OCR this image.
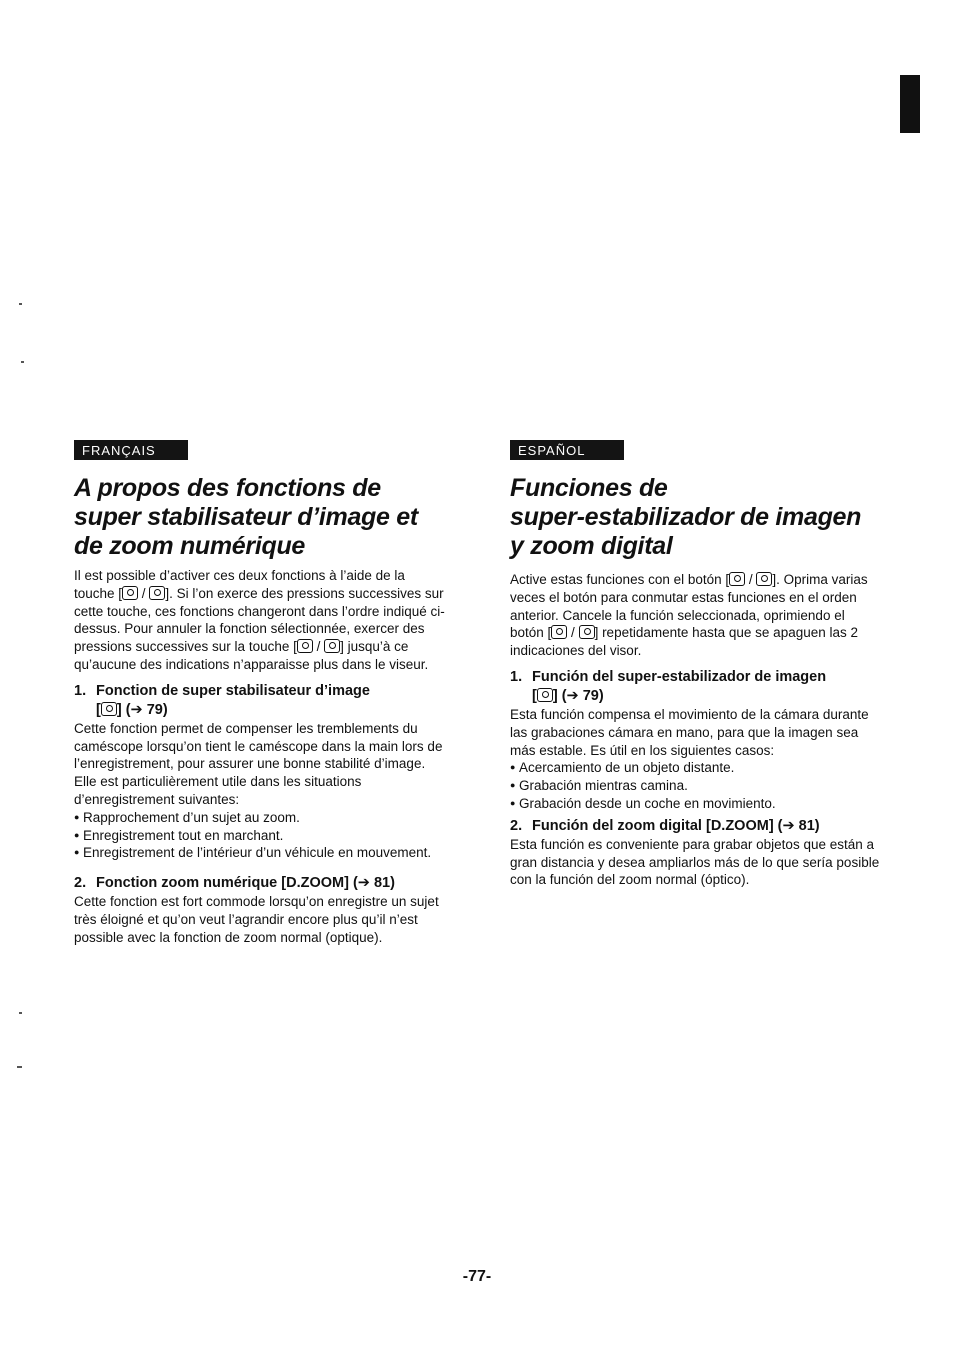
FRANÇAIS
A propos des fonctions de
super stabilisateur d’image et
de zoom numérique

Il est possible d’activer ces deux fonctions à l’aide de la touche [ / ]. Si l’on exerce des pressions successives sur cette touche, ces fonctions changeront dans l’ordre indiqué ci-dessus. Pour annuler la fonction sélectionnée, exercer des pressions successives sur la touche [ / ] jusqu’à ce qu’aucune des indications n’apparaisse plus dans le viseur.

1. Fonction de super stabilisateur d’image
[ ] (➔ 79)

Cette fonction permet de compenser les tremblements du caméscope lorsqu’on tient le caméscope dans la main lors de l’enregistrement, pour assurer une bonne stabilité d’image. Elle est particulièrement utile dans les situations d’enregistrement suivantes:

● Rapprochement d’un sujet au zoom.
● Enregistrement tout en marchant.
● Enregistrement de l’intérieur d’un véhicule en mouvement.
2. Fonction zoom numérique [D.ZOOM] (➔ 81)

Cette fonction est fort commode lorsqu’on enregistre un sujet très éloigné et qu’on veut l’agrandir encore plus qu’il n’est possible avec la fonction de zoom normal (optique).

ESPAÑOL
Funciones de
super-estabilizador de imagen
y zoom digital

Active estas funciones con el botón [ / ]. Oprima varias veces el botón para conmutar estas funciones en el orden anterior. Cancele la función seleccionada, oprimiendo el botón [ / ] repetidamente hasta que se apaguen las 2 indicaciones del visor.

1. Función del super-estabilizador de imagen
[ ] (➔ 79)

Esta función compensa el movimiento de la cámara durante las grabaciones cámara en mano, para que la imagen sea más estable. Es útil en los siguientes casos:

● Acercamiento de un objeto distante.
● Grabación mientras camina.
● Grabación desde un coche en movimiento.
2. Función del zoom digital [D.ZOOM] (➔ 81)

Esta función es conveniente para grabar objetos que están a gran distancia y desea ampliarlos más de lo que sería posible con la función del zoom normal (óptico).

-77-
